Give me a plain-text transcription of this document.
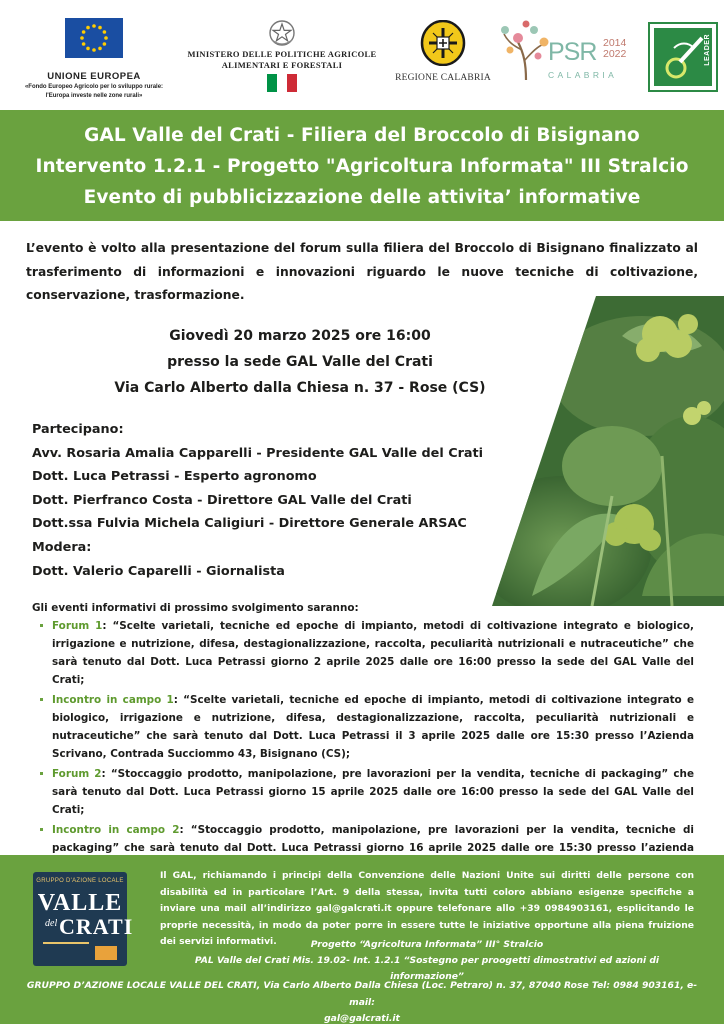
UNIONE EUROPEA
«Fondo Europeo Agricolo per lo sviluppo rurale:
l'Europa investe nelle zone rurali»
MINISTERO DELLE POLITICHE AGRICOLE
ALIMENTARI E FORESTALI
REGIONE CALABRIA
PSR 2014
2022
CALABRIA
LEADER
GAL Valle del Crati - Filiera del Broccolo di Bisignano
Intervento 1.2.1 - Progetto "Agricoltura Informata" III Stralcio
Evento di pubblicizzazione delle attivita’ informative

L’evento è volto alla presentazione del forum sulla filiera del Broccolo di Bisignano finalizzato al trasferimento di informazioni e innovazioni riguardo le nuove tecniche di coltivazione, conservazione, trasformazione.

Giovedì 20 marzo 2025 ore 16:00
presso la sede GAL Valle del Crati
Via Carlo Alberto dalla Chiesa n. 37 - Rose (CS)
Partecipano:
Avv. Rosaria Amalia Capparelli - Presidente GAL Valle del Crati
Dott. Luca Petrassi - Esperto agronomo
Dott. Pierfranco Costa - Direttore GAL Valle del Crati
Dott.ssa Fulvia Michela Caligiuri - Direttore Generale ARSAC
Modera:
Dott. Valerio Caparelli - Giornalista
Gli eventi informativi di prossimo svolgimento saranno:
Forum 1: “Scelte varietali, tecniche ed epoche di impianto, metodi di coltivazione integrato e biologico, irrigazione e nutrizione, difesa, destagionalizzazione, raccolta, peculiarità nutrizionali e nutraceutiche” che sarà tenuto dal Dott. Luca Petrassi giorno 2 aprile 2025 dalle ore 16:00 presso la sede del GAL Valle del Crati;
Incontro in campo 1: “Scelte varietali, tecniche ed epoche di impianto, metodi di coltivazione integrato e biologico, irrigazione e nutrizione, difesa, destagionalizzazione, raccolta, peculiarità nutrizionali e nutraceutiche” che sarà tenuto dal Dott. Luca Petrassi il 3 aprile 2025 dalle ore 15:30 presso l’Azienda Scrivano, Contrada Succiommo 43, Bisignano (CS);
Forum 2: “Stoccaggio prodotto, manipolazione, pre lavorazioni per la vendita, tecniche di packaging” che sarà tenuto dal Dott. Luca Petrassi giorno 15 aprile 2025 dalle ore 16:00 presso la sede del GAL Valle del Crati;
Incontro in campo 2: “Stoccaggio prodotto, manipolazione, pre lavorazioni per la vendita, tecniche di packaging” che sarà tenuto dal Dott. Luca Petrassi giorno 16 aprile 2025 dalle ore 15:30 presso l’azienda
GRUPPO D'AZIONE LOCALE
VALLE
del CRATI

Il GAL, richiamando i principi della Convenzione delle Nazioni Unite sui diritti delle persone con disabilità ed in particolare l’Art. 9 della stessa, invita tutti coloro abbiano esigenze specifiche a inviare una mail all’indirizzo gal@galcrati.it oppure telefonare allo +39 0984903161, esplicitando le proprie necessità, in modo da poter porre in essere tutte le iniziative opportune alla piena fruizione dei servizi informativi.	Progetto “Agricoltura Informata” III° Stralcio
PAL Valle del Crati Mis. 19.02- Int. 1.2.1 “Sostegno per proogetti dimostrativi ed azioni di informazione”
GRUPPO D’AZIONE LOCALE VALLE DEL CRATI, Via Carlo Alberto Dalla Chiesa (Loc. Petraro) n. 37, 87040 Rose Tel: 0984 903161, e-mail:
gal@galcrati.it
